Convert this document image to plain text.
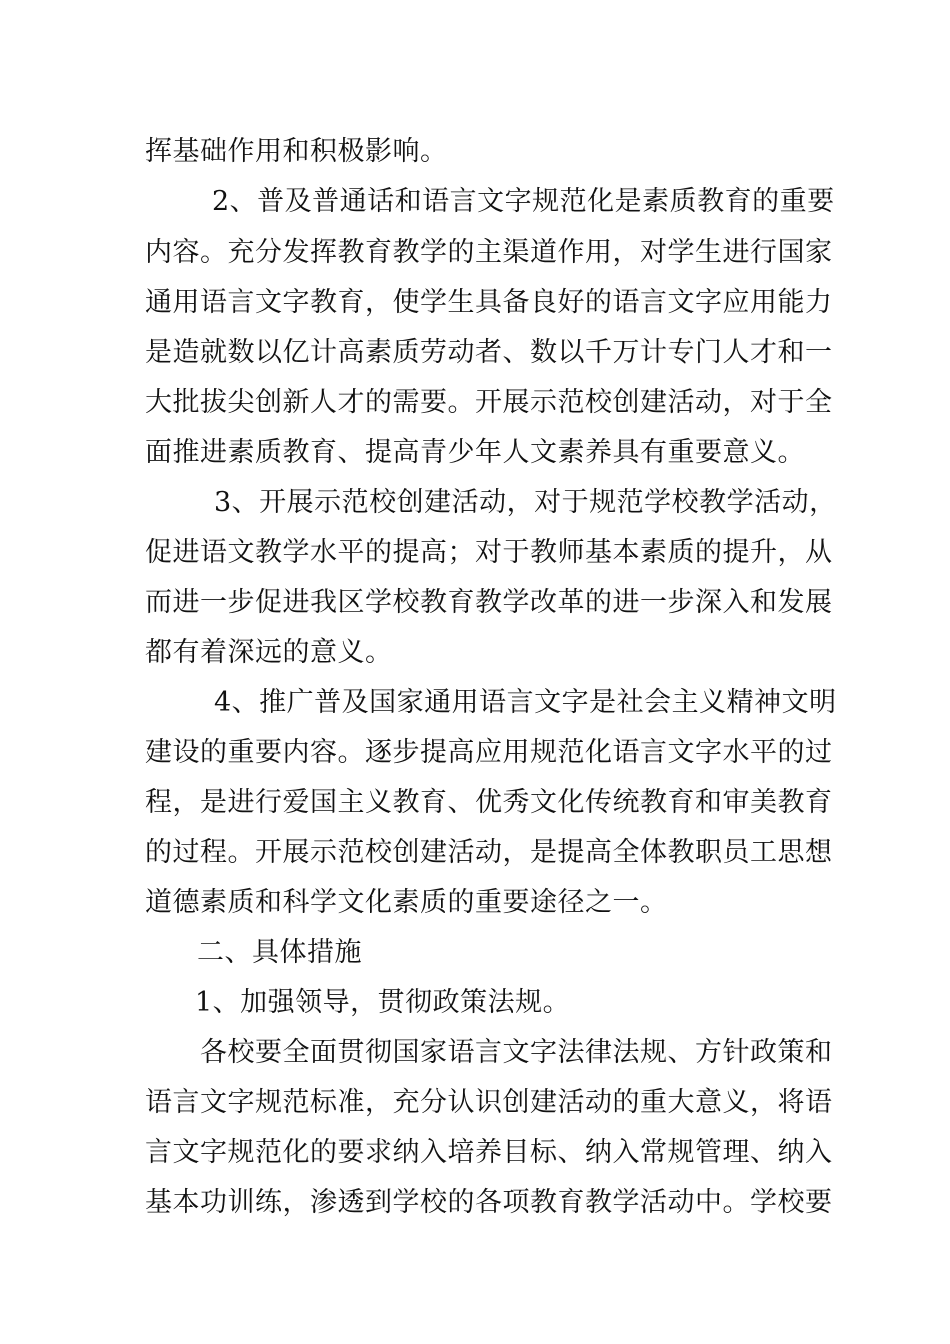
挥基础作用和积极影响。
2、普及普通话和语言文字规范化是素质教育的重要
内容。充分发挥教育教学的主渠道作用，对学生进行国家
通用语言文字教育，使学生具备良好的语言文字应用能力
是造就数以亿计高素质劳动者、数以千万计专门人才和一
大批拔尖创新人才的需要。开展示范校创建活动，对于全
面推进素质教育、提高青少年人文素养具有重要意义。
3、开展示范校创建活动，对于规范学校教学活动，
促进语文教学水平的提高；对于教师基本素质的提升，从
而进一步促进我区学校教育教学改革的进一步深入和发展
都有着深远的意义。
4、推广普及国家通用语言文字是社会主义精神文明
建设的重要内容。逐步提高应用规范化语言文字水平的过
程，是进行爱国主义教育、优秀文化传统教育和审美教育
的过程。开展示范校创建活动，是提高全体教职员工思想
道德素质和科学文化素质的重要途径之一。
二、具体措施
1、加强领导，贯彻政策法规。
各校要全面贯彻国家语言文字法律法规、方针政策和
语言文字规范标准，充分认识创建活动的重大意义，将语
言文字规范化的要求纳入培养目标、纳入常规管理、纳入
基本功训练，渗透到学校的各项教育教学活动中。学校要
